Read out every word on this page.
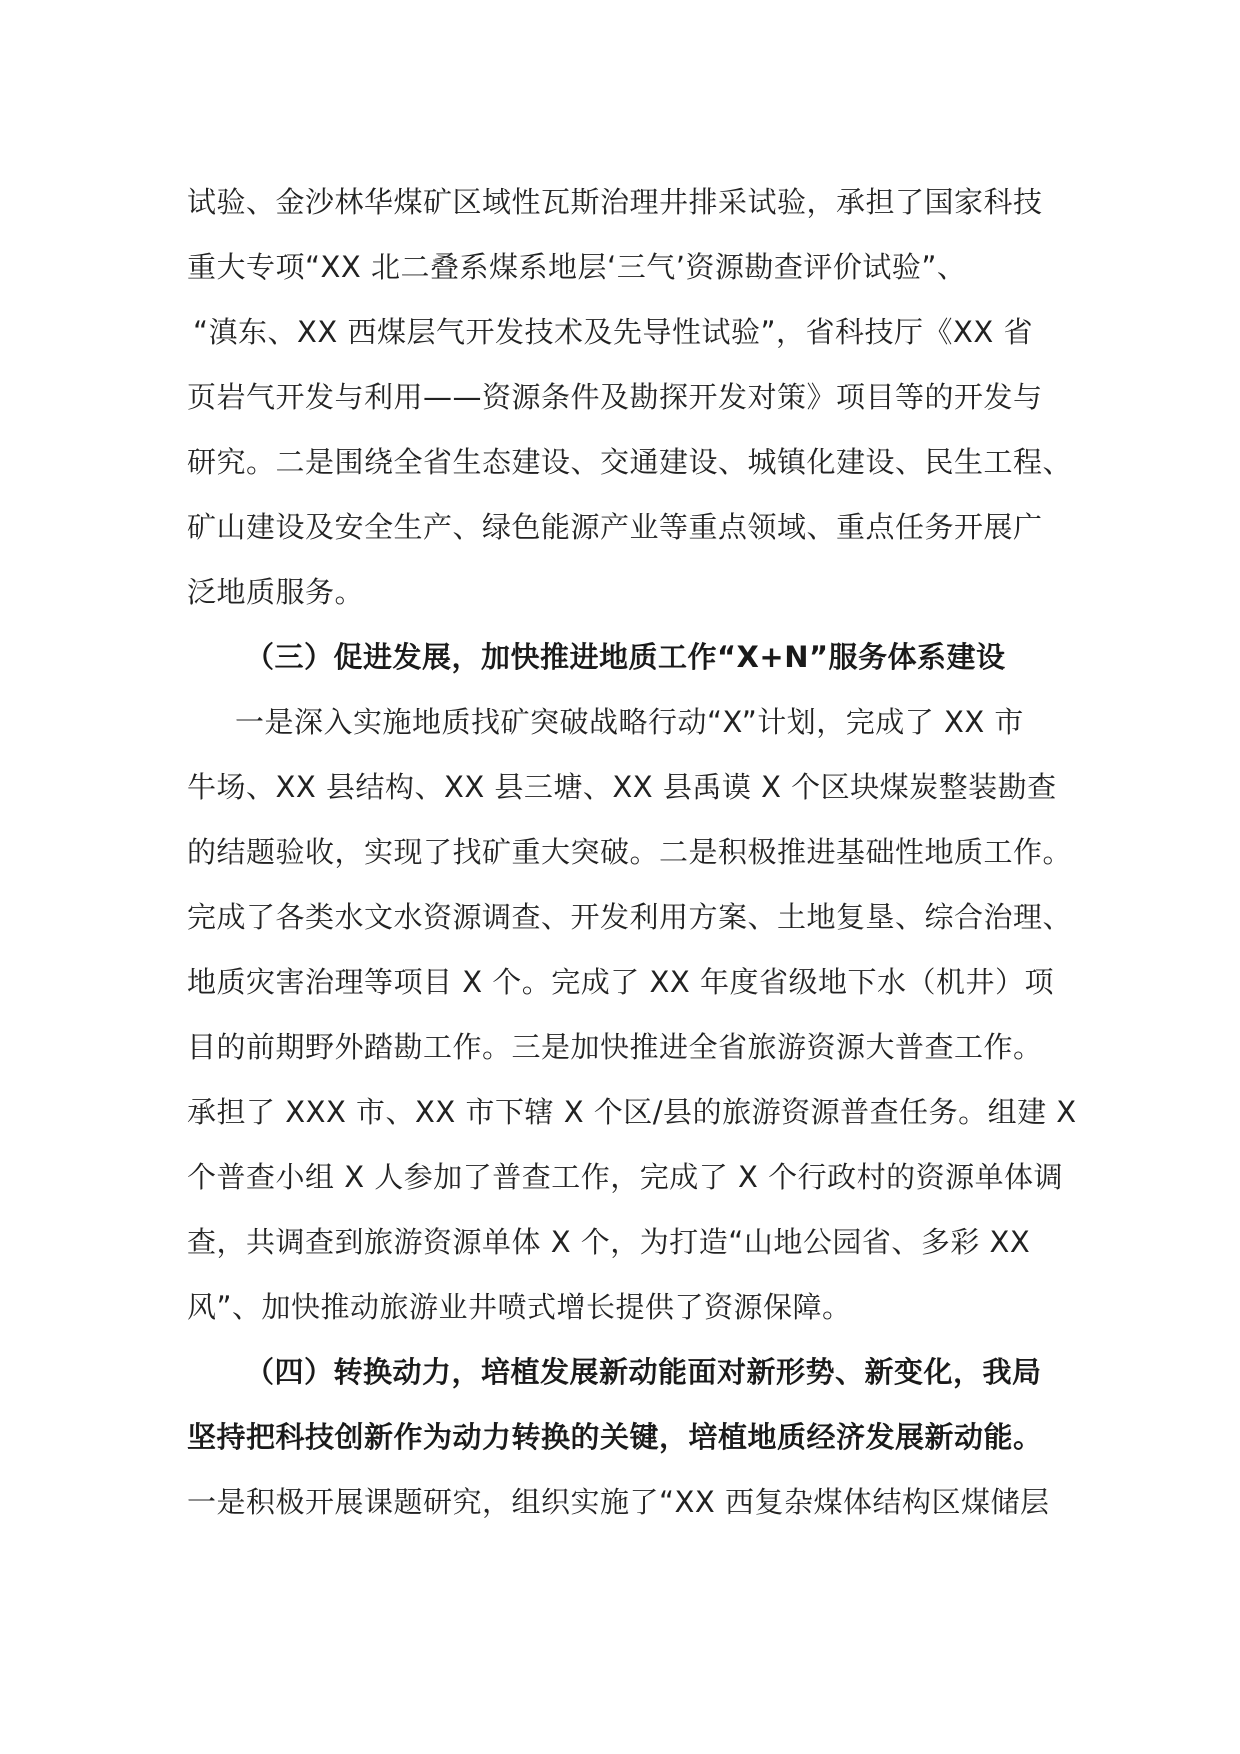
试验、金沙林华煤矿区域性瓦斯治理井排采试验，承担了国家科技
重大专项“XX 北二叠系煤系地层‘三气’资源勘查评价试验”、
“滇东、XX 西煤层气开发技术及先导性试验”，省科技厅《XX 省
页岩气开发与利用——资源条件及勘探开发对策》项目等的开发与
研究。二是围绕全省生态建设、交通建设、城镇化建设、民生工程、
矿山建设及安全生产、绿色能源产业等重点领域、重点任务开展广
泛地质服务。
（三）促进发展，加快推进地质工作“X+N”服务体系建设
一是深入实施地质找矿突破战略行动“X”计划，完成了 XX 市
牛场、XX 县结构、XX 县三塘、XX 县禹谟 X 个区块煤炭整装勘查
的结题验收，实现了找矿重大突破。二是积极推进基础性地质工作。
完成了各类水文水资源调查、开发利用方案、土地复垦、综合治理、
地质灾害治理等项目 X 个。完成了 XX 年度省级地下水（机井）项
目的前期野外踏勘工作。三是加快推进全省旅游资源大普查工作。
承担了 XXX 市、XX 市下辖 X 个区/县的旅游资源普查任务。组建 X
个普查小组 X 人参加了普查工作，完成了 X 个行政村的资源单体调
查，共调查到旅游资源单体 X 个，为打造“山地公园省、多彩 XX
风”、加快推动旅游业井喷式增长提供了资源保障。
（四）转换动力，培植发展新动能面对新形势、新变化，我局
坚持把科技创新作为动力转换的关键，培植地质经济发展新动能。
一是积极开展课题研究，组织实施了“XX 西复杂煤体结构区煤储层
